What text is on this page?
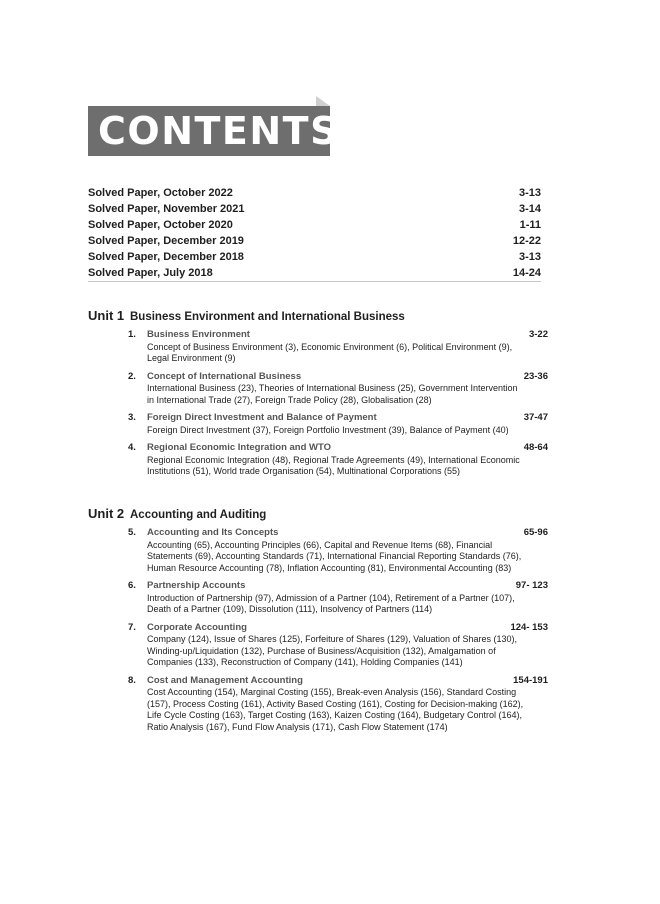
CONTENTS
Solved Paper, October 2022	3-13
Solved Paper, November 2021	3-14
Solved Paper, October 2020	1-11
Solved Paper, December 2019	12-22
Solved Paper, December 2018	3-13
Solved Paper, July 2018	14-24
Unit 1 Business Environment and International Business
1.	Business Environment	3-22
Concept of Business Environment (3), Economic Environment (6), Political Environment (9), Legal Environment (9)
2.	Concept of International Business	23-36
International Business (23), Theories of International Business (25), Government Intervention in International Trade (27), Foreign Trade Policy (28), Globalisation (28)
3.	Foreign Direct Investment and Balance of Payment	37-47
Foreign Direct Investment (37), Foreign Portfolio Investment (39), Balance of Payment (40)
4.	Regional Economic Integration and WTO	48-64
Regional Economic Integration (48), Regional Trade Agreements (49), International Economic Institutions (51), World trade Organisation (54), Multinational Corporations (55)
Unit 2 Accounting and Auditing
5.	Accounting and Its Concepts	65-96
Accounting (65), Accounting Principles (66), Capital and Revenue Items (68), Financial Statements (69), Accounting Standards (71), International Financial Reporting Standards (76), Human Resource Accounting (78), Inflation Accounting (81), Environmental Accounting (83)
6.	Partnership Accounts	97- 123
Introduction of Partnership (97), Admission of a Partner (104), Retirement of a Partner (107), Death of a Partner (109), Dissolution (111), Insolvency of Partners (114)
7.	Corporate Accounting	124- 153
Company (124), Issue of Shares (125), Forfeiture of Shares (129), Valuation of Shares (130), Winding-up/Liquidation (132), Purchase of Business/Acquisition (132), Amalgamation of Companies (133), Reconstruction of Company (141), Holding Companies (141)
8.	Cost and Management Accounting	154-191
Cost Accounting (154), Marginal Costing (155), Break-even Analysis (156), Standard Costing (157), Process Costing (161), Activity Based Costing (161), Costing for Decision-making (162), Life Cycle Costing (163), Target Costing (163), Kaizen Costing (164), Budgetary Control (164), Ratio Analysis (167), Fund Flow Analysis (171), Cash Flow Statement (174)
